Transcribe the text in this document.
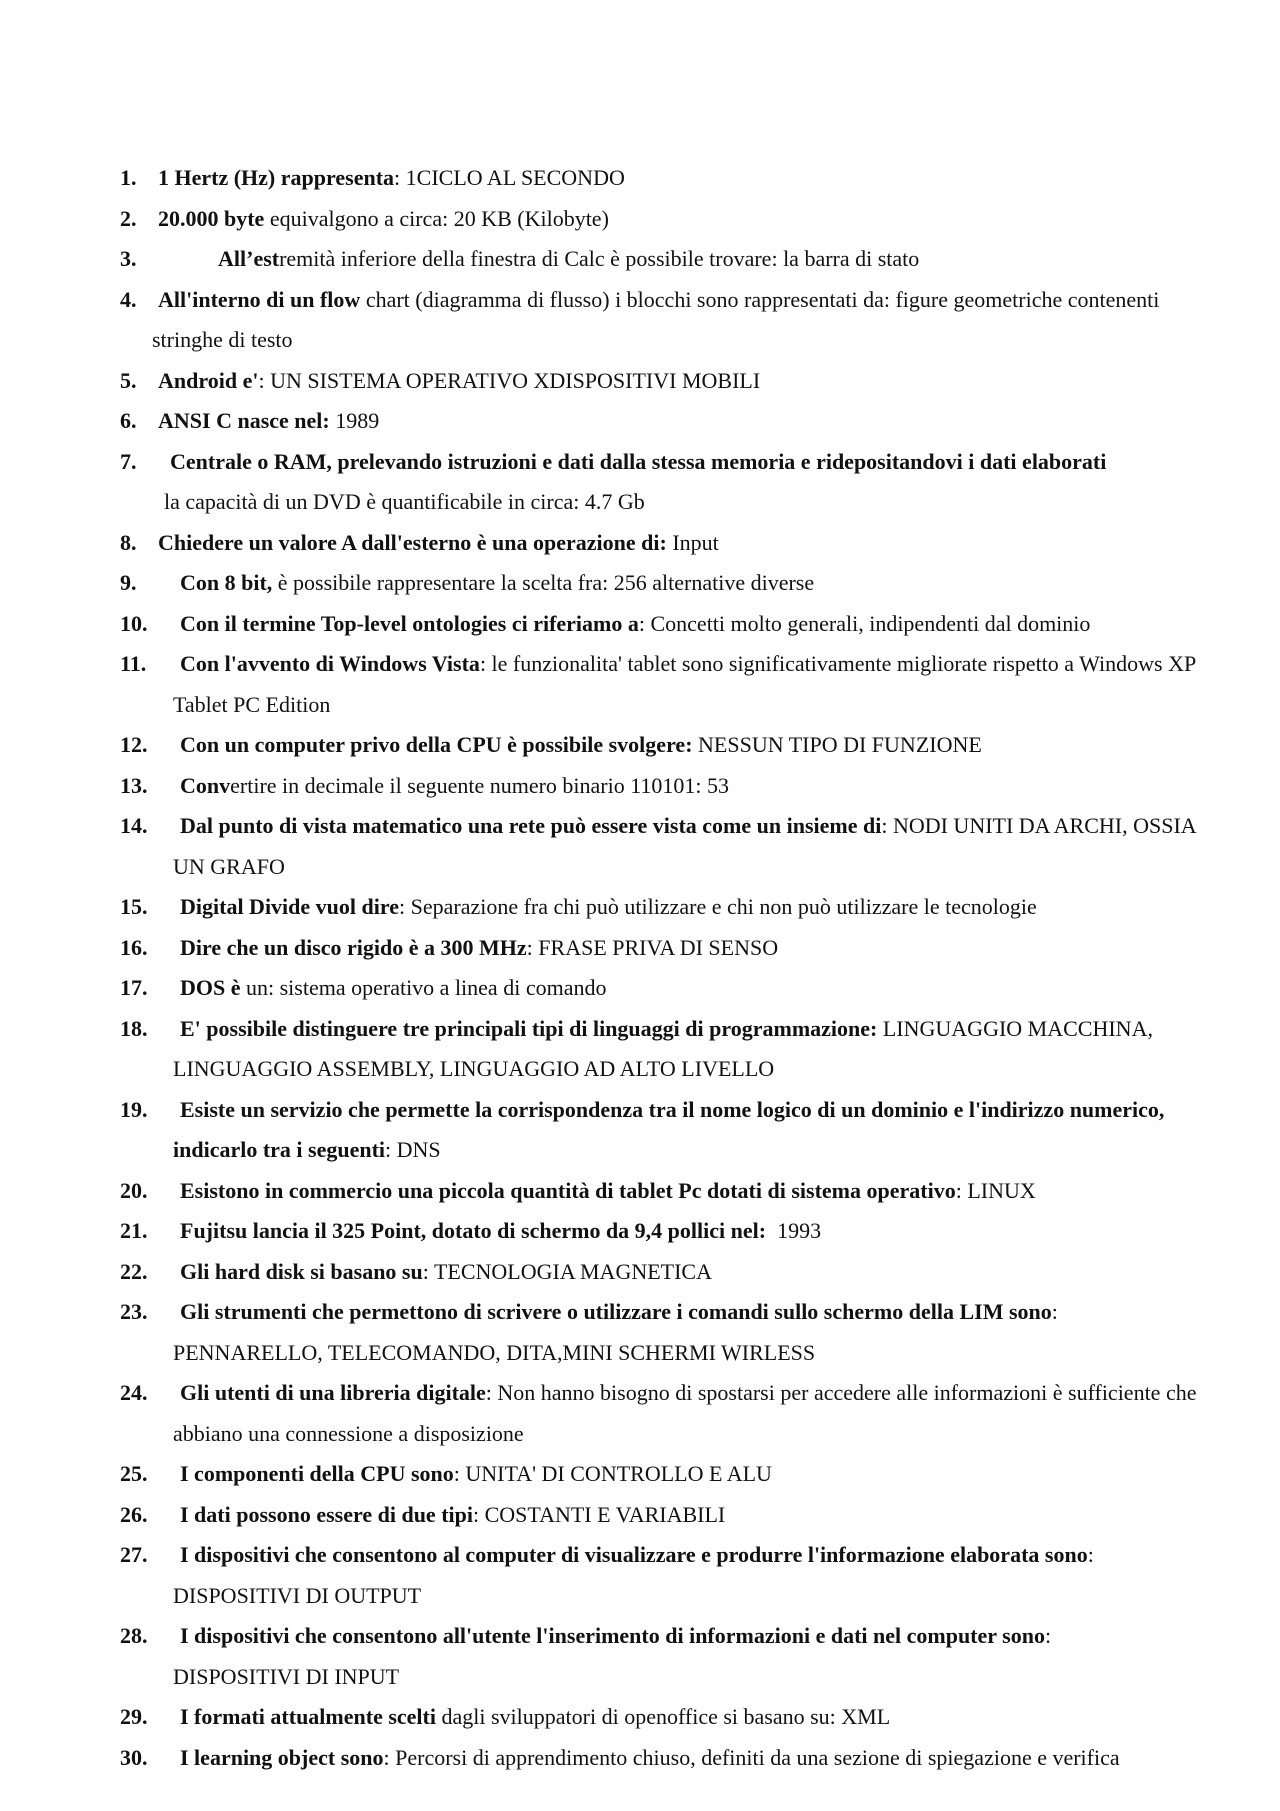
1. 1 Hertz (Hz) rappresenta: 1CICLO AL SECONDO
2. 20.000 byte equivalgono a circa: 20 KB (Kilobyte)
3.	All’estremità inferiore della finestra di Calc è possibile trovare: la barra di stato
4. All'interno di un flow chart (diagramma di flusso) i blocchi sono rappresentati da: figure geometriche contenenti
stringhe di testo
5. Android e': UN SISTEMA OPERATIVO XDISPOSITIVI MOBILI
6. ANSI C nasce nel: 1989
7.	Centrale o RAM, prelevando istruzioni e dati dalla stessa memoria e ridepositandovi i dati elaborati
la capacità di un DVD è quantificabile in circa: 4.7 Gb
8. Chiedere un valore A dall'esterno è una operazione di: Input
9.	Con 8 bit, è possibile rappresentare la scelta fra: 256 alternative diverse
10.	Con il termine Top-level ontologies ci riferiamo a: Concetti molto generali, indipendenti dal dominio
11.	Con l'avvento di Windows Vista: le funzionalita' tablet sono significativamente migliorate rispetto a Windows XP
Tablet PC Edition
12.	Con un computer privo della CPU è possibile svolgere: NESSUN TIPO DI FUNZIONE
13.	Convertire in decimale il seguente numero binario 110101: 53
14.	Dal punto di vista matematico una rete può essere vista come un insieme di: NODI UNITI DA ARCHI, OSSIA
UN GRAFO
15.	Digital Divide vuol dire: Separazione fra chi può utilizzare e chi non può utilizzare le tecnologie
16.	Dire che un disco rigido è a 300 MHz: FRASE PRIVA DI SENSO
17.	DOS è un: sistema operativo a linea di comando
18.	E' possibile distinguere tre principali tipi di linguaggi di programmazione: LINGUAGGIO MACCHINA,
LINGUAGGIO ASSEMBLY, LINGUAGGIO AD ALTO LIVELLO
19.	Esiste un servizio che permette la corrispondenza tra il nome logico di un dominio e l'indirizzo numerico,
indicarlo tra i seguenti: DNS
20.	Esistono in commercio una piccola quantità di tablet Pc dotati di sistema operativo: LINUX
21.	Fujitsu lancia il 325 Point, dotato di schermo da 9,4 pollici nel:  1993
22.	Gli hard disk si basano su: TECNOLOGIA MAGNETICA
23.	Gli strumenti che permettono di scrivere o utilizzare i comandi sullo schermo della LIM sono:
PENNARELLO, TELECOMANDO, DITA,MINI SCHERMI WIRLESS
24.	Gli utenti di una libreria digitale: Non hanno bisogno di spostarsi per accedere alle informazioni è sufficiente che
abbiano una connessione a disposizione
25.	I componenti della CPU sono: UNITA' DI CONTROLLO E ALU
26.	I dati possono essere di due tipi: COSTANTI E VARIABILI
27.	I dispositivi che consentono al computer di visualizzare e produrre l'informazione elaborata sono:
DISPOSITIVI DI OUTPUT
28.	I dispositivi che consentono all'utente l'inserimento di informazioni e dati nel computer sono:
DISPOSITIVI DI INPUT
29.	I formati attualmente scelti dagli sviluppatori di openoffice si basano su: XML
30.	I learning object sono: Percorsi di apprendimento chiuso, definiti da una sezione di spiegazione e verifica
